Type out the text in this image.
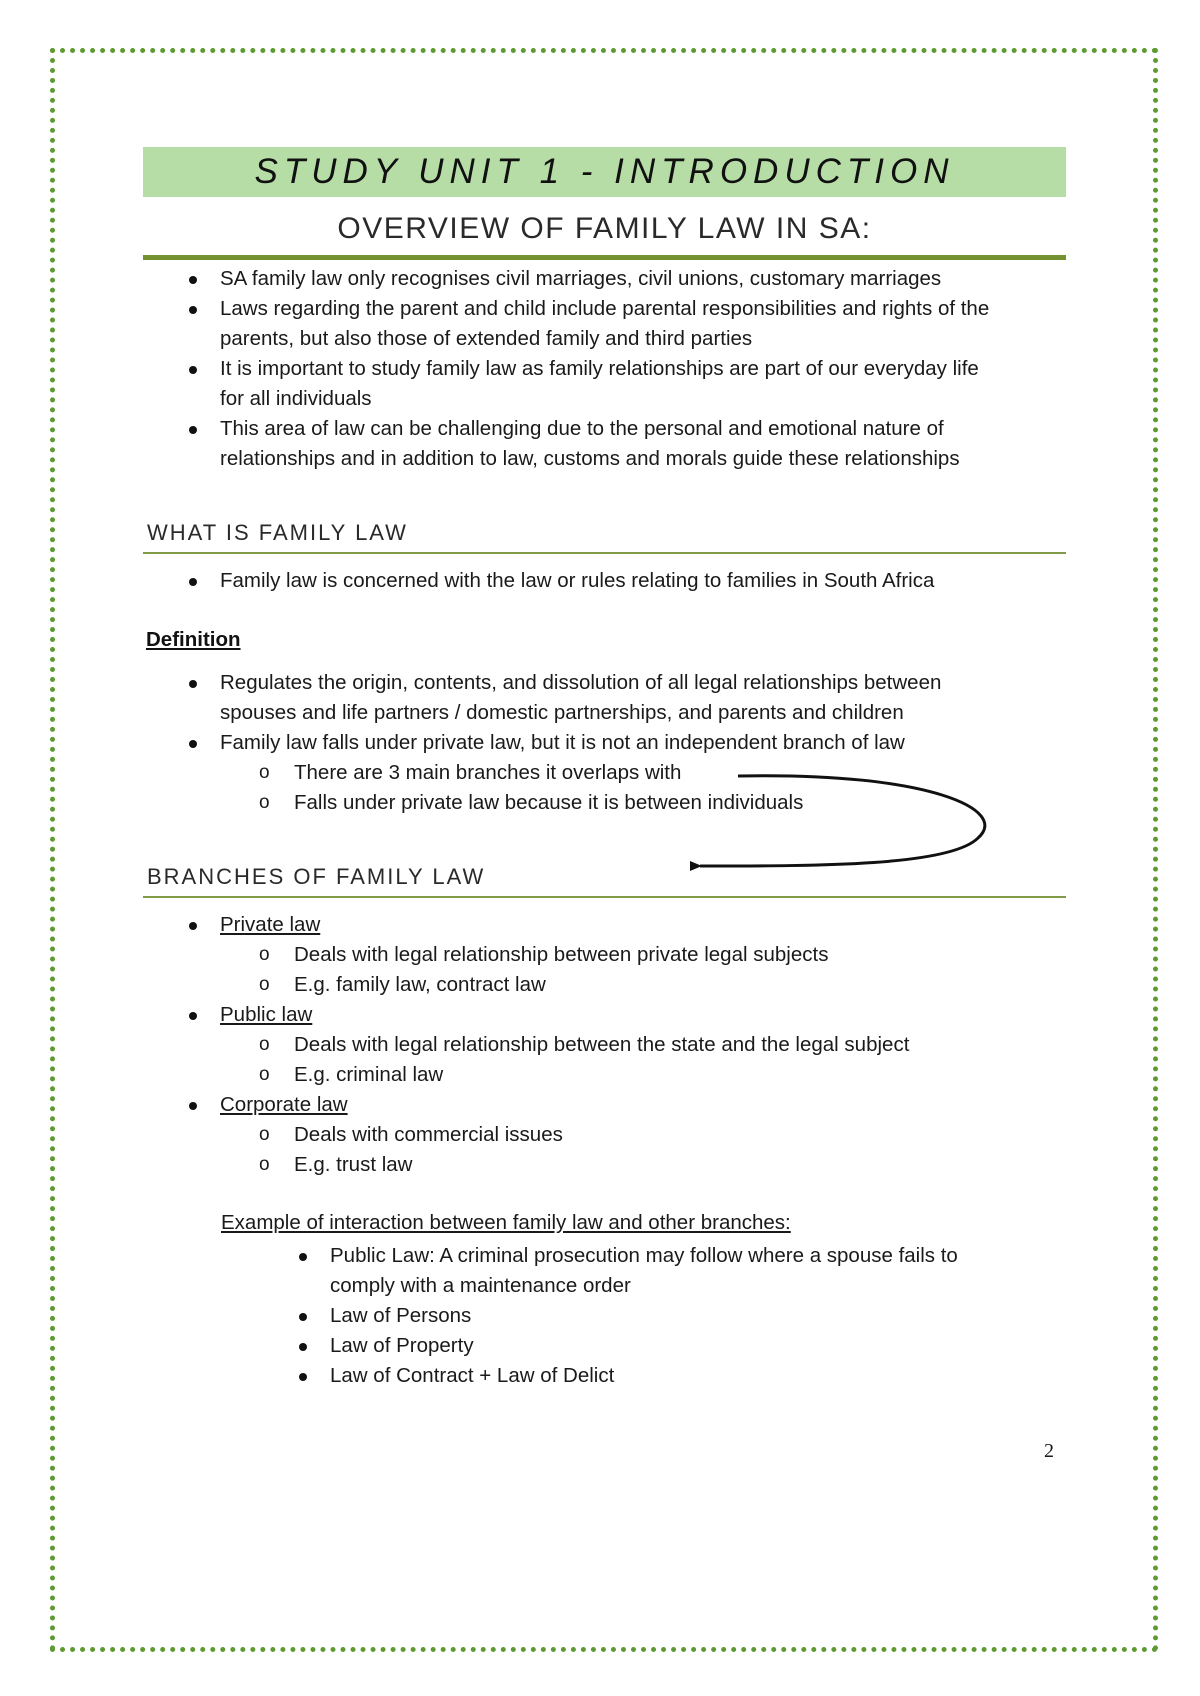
STUDY UNIT 1 - INTRODUCTION
OVERVIEW OF FAMILY LAW IN SA:
SA family law only recognises civil marriages, civil unions, customary marriages
Laws regarding the parent and child include parental responsibilities and rights of the
parents, but also those of extended family and third parties
It is important to study family law as family relationships are part of our everyday life
for all individuals
This area of law can be challenging due to the personal and emotional nature of
relationships and in addition to law, customs and morals guide these relationships
WHAT IS FAMILY LAW
Family law is concerned with the law or rules relating to families in South Africa
Definition
Regulates the origin, contents, and dissolution of all legal relationships between
spouses and life partners / domestic partnerships, and parents and children
Family law falls under private law, but it is not an independent branch of law
o There are 3 main branches it overlaps with
o Falls under private law because it is between individuals
BRANCHES OF FAMILY LAW
Private law
o Deals with legal relationship between private legal subjects
o E.g. family law, contract law
Public law
o Deals with legal relationship between the state and the legal subject
o E.g. criminal law
Corporate law
o Deals with commercial issues
o E.g. trust law
Example of interaction between family law and other branches:
Public Law: A criminal prosecution may follow where a spouse fails to
comply with a maintenance order
Law of Persons
Law of Property
Law of Contract + Law of Delict
2
